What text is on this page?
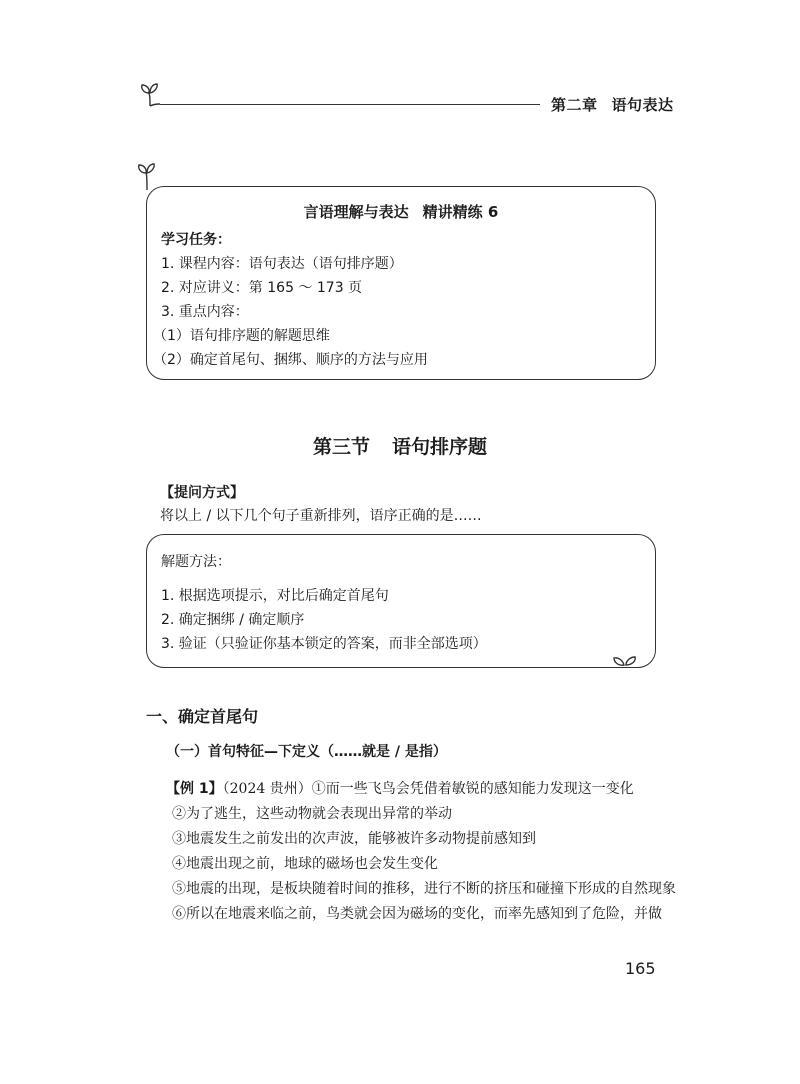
第二章 语句表达
言语理解与表达 精讲精练 6
学习任务：
1. 课程内容：语句表达（语句排序题）
2. 对应讲义：第 165 ～ 173 页
3. 重点内容：
（1）语句排序题的解题思维
（2）确定首尾句、捆绑、顺序的方法与应用
第三节 语句排序题
【提问方式】
将以上 / 以下几个句子重新排列，语序正确的是……
解题方法：
1. 根据选项提示，对比后确定首尾句
2. 确定捆绑 / 确定顺序
3. 验证（只验证你基本锁定的答案，而非全部选项）
一、确定首尾句
（一）首句特征—下定义（……就是 / 是指）
【例 1】（2024 贵州）①而一些飞鸟会凭借着敏锐的感知能力发现这一变化
②为了逃生，这些动物就会表现出异常的举动
③地震发生之前发出的次声波，能够被许多动物提前感知到
④地震出现之前，地球的磁场也会发生变化
⑤地震的出现，是板块随着时间的推移，进行不断的挤压和碰撞下形成的自然现象
⑥所以在地震来临之前，鸟类就会因为磁场的变化，而率先感知到了危险，并做
165
